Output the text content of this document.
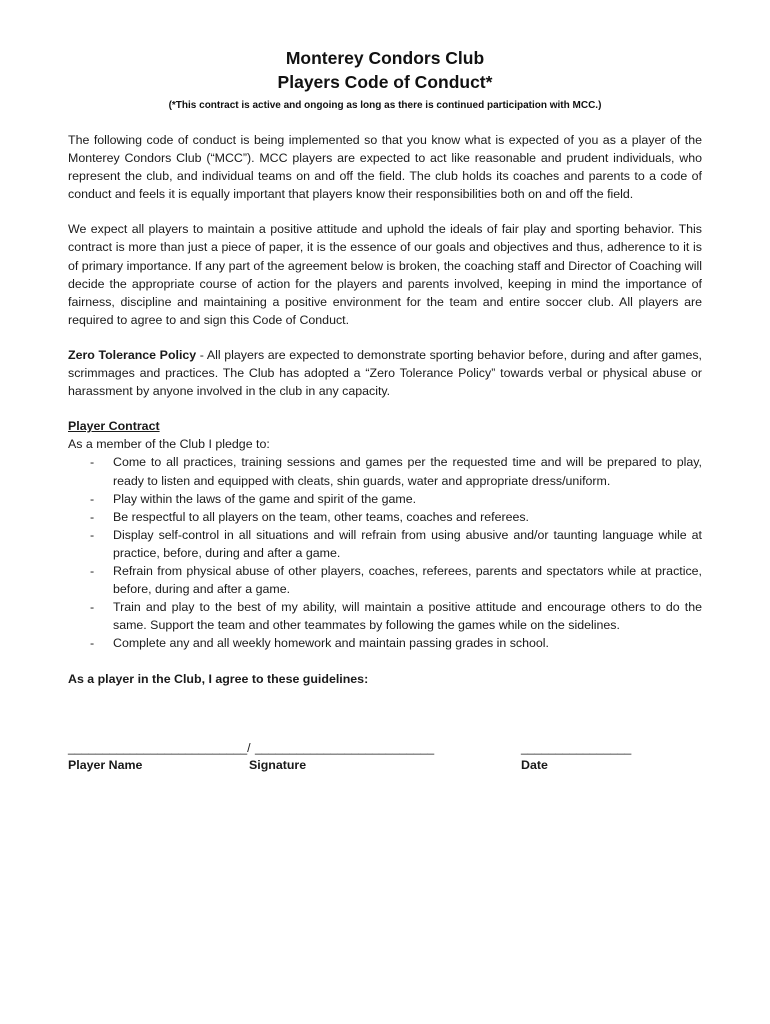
Monterey Condors Club
Players Code of Conduct*

(*This contract is active and ongoing as long as there is continued participation with MCC.)

The following code of conduct is being implemented so that you know what is expected of you as a player of the Monterey Condors Club (“MCC”). MCC players are expected to act like reasonable and prudent individuals, who represent the club, and individual teams on and off the field. The club holds its coaches and parents to a code of conduct and feels it is equally important that players know their responsibilities both on and off the field.

We expect all players to maintain a positive attitude and uphold the ideals of fair play and sporting behavior. This contract is more than just a piece of paper, it is the essence of our goals and objectives and thus, adherence to it is of primary importance. If any part of the agreement below is broken, the coaching staff and Director of Coaching will decide the appropriate course of action for the players and parents involved, keeping in mind the importance of fairness, discipline and maintaining a positive environment for the team and entire soccer club. All players are required to agree to and sign this Code of Conduct.

Zero Tolerance Policy - All players are expected to demonstrate sporting behavior before, during and after games, scrimmages and practices. The Club has adopted a “Zero Tolerance Policy” towards verbal or physical abuse or harassment by anyone involved in the club in any capacity.

Player Contract

As a member of the Club I pledge to:

- Come to all practices, training sessions and games per the requested time and will be prepared to play, ready to listen and equipped with cleats, shin guards, water and appropriate dress/uniform.
- Play within the laws of the game and spirit of the game.
- Be respectful to all players on the team, other teams, coaches and referees.
- Display self-control in all situations and will refrain from using abusive and/or taunting language while at practice, before, during and after a game.
- Refrain from physical abuse of other players, coaches, referees, parents and spectators while at practice, before, during and after a game.
- Train and play to the best of my ability, will maintain a positive attitude and encourage others to do the same. Support the team and other teammates by following the games while on the sidelines.
- Complete any and all weekly homework and maintain passing grades in school.

As a player in the Club, I agree to these guidelines:

__________________________/ __________________________	________________
Player Name	Signature	Date
